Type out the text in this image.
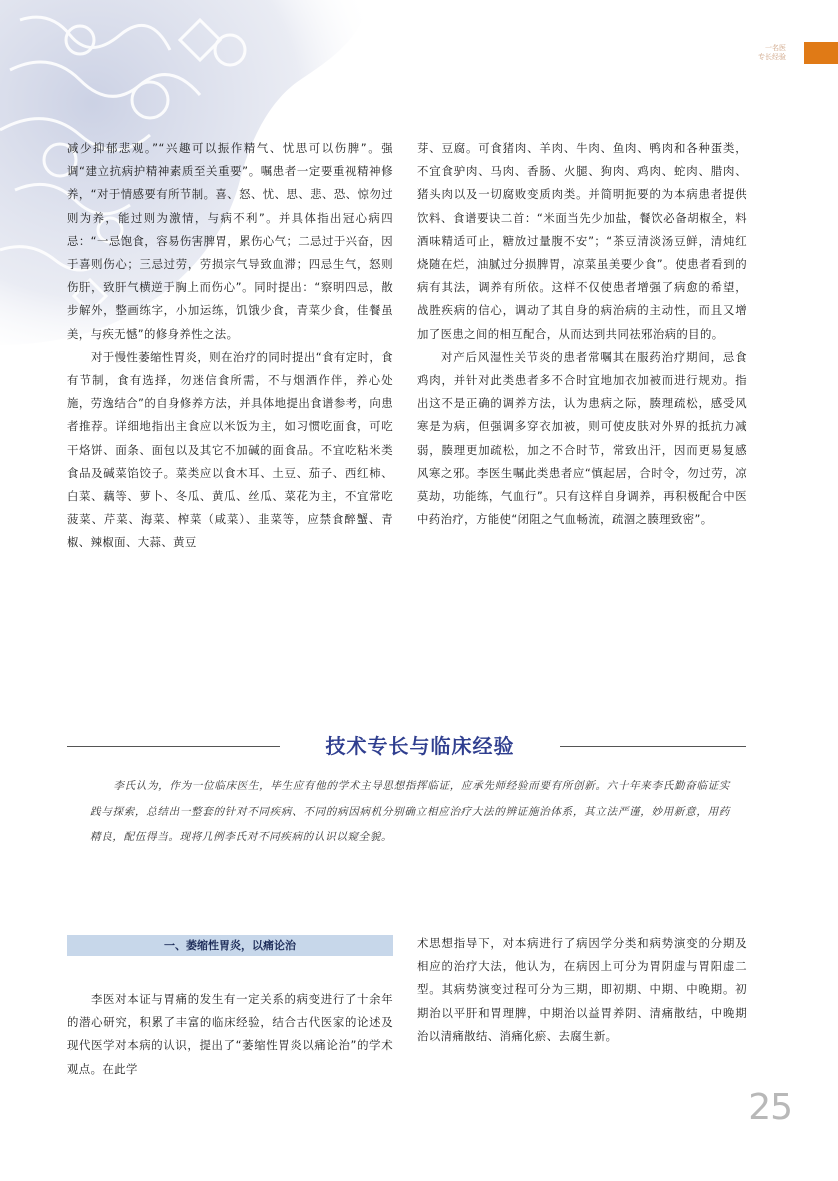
一名医
专长经验

减少抑郁悲观。”“兴趣可以振作精气、忧思可以伤脾”。强调“建立抗病护精神素质至关重要”。嘱患者一定要重视精神修养，“对于情感要有所节制。喜、怒、忧、思、悲、恐、惊勿过则为养，能过则为激情，与病不利”。并具体指出冠心病四忌：“一忌饱食，容易伤害脾胃，累伤心气；二忌过于兴奋，因于喜则伤心；三忌过劳，劳损宗气导致血滞；四忌生气，怒则伤肝，致肝气横逆于胸上而伤心”。同时提出：“察明四忌，散步解外，整画练字，小加运练，饥饿少食，青菜少食，佳餐虽美，与疾无憾”的修身养性之法。

对于慢性萎缩性胃炎，则在治疗的同时提出“食有定时，食有节制，食有选择，勿迷信食所需，不与烟酒作伴，养心处施，劳逸结合”的自身修养方法，并具体地提出食谱参考，向患者推荐。详细地指出主食应以米饭为主，如习惯吃面食，可吃干烙饼、面条、面包以及其它不加碱的面食品。不宜吃粘米类食品及碱菜馅饺子。菜类应以食木耳、土豆、茄子、西红柿、白菜、藕等、萝卜、冬瓜、黄瓜、丝瓜、菜花为主，不宜常吃菠菜、芹菜、海菜、榨菜（咸菜）、韭菜等，应禁食醉蟹、青椒、辣椒面、大蒜、黄豆

芽、豆腐。可食猪肉、羊肉、牛肉、鱼肉、鸭肉和各种蛋类，不宜食驴肉、马肉、香肠、火腿、狗肉、鸡肉、蛇肉、腊肉、猪头肉以及一切腐败变质肉类。并简明扼要的为本病患者提供饮料、食谱要诀二首：“米面当先少加盐，餐饮必备胡椒全，料酒味精适可止，糖放过量腹不安”；“茶豆清淡汤豆鲜，清炖红烧随在烂，油腻过分损脾胃，凉菜虽美要少食”。使患者看到的病有其法，调养有所依。这样不仅使患者增强了病愈的希望，战胜疾病的信心，调动了其自身的病治病的主动性，而且又增加了医患之间的相互配合，从而达到共同祛邪治病的目的。

对产后风湿性关节炎的患者常嘱其在服药治疗期间，忌食鸡肉，并针对此类患者多不合时宜地加衣加被而进行规劝。指出这不是正确的调养方法，认为患病之际，腠理疏松，感受风寒是为病，但强调多穿衣加被，则可使皮肤对外界的抵抗力减弱，腠理更加疏松，加之不合时节，常致出汗，因而更易复感风寒之邪。李医生嘱此类患者应“慎起居，合时令，勿过劳，凉莫劫，功能练，气血行”。只有这样自身调养，再积极配合中医中药治疗，方能使“闭阻之气血畅流，疏涸之腠理致密”。

技术专长与临床经验
李氏认为，作为一位临床医生，毕生应有他的学术主导思想指挥临证，应承先师经验而要有所创新。六十年来李氏勤奋临证实践与探索，总结出一整套的针对不同疾病、不同的病因病机分别确立相应治疗大法的辨证施治体系，其立法严谨，妙用新意，用药精良，配伍得当。现将几例李氏对不同疾病的认识以窥全貌。
一、萎缩性胃炎，以痛论治

李医对本证与胃痛的发生有一定关系的病变进行了十余年的潜心研究，积累了丰富的临床经验，结合古代医家的论述及现代医学对本病的认识，提出了“萎缩性胃炎以痛论治”的学术观点。在此学

术思想指导下，对本病进行了病因学分类和病势演变的分期及相应的治疗大法，他认为，在病因上可分为胃阴虚与胃阳虚二型。其病势演变过程可分为三期，即初期、中期、中晚期。初期治以平肝和胃理脾，中期治以益胃养阴、清痛散结，中晚期治以清痛散结、消痛化瘀、去腐生新。

25
